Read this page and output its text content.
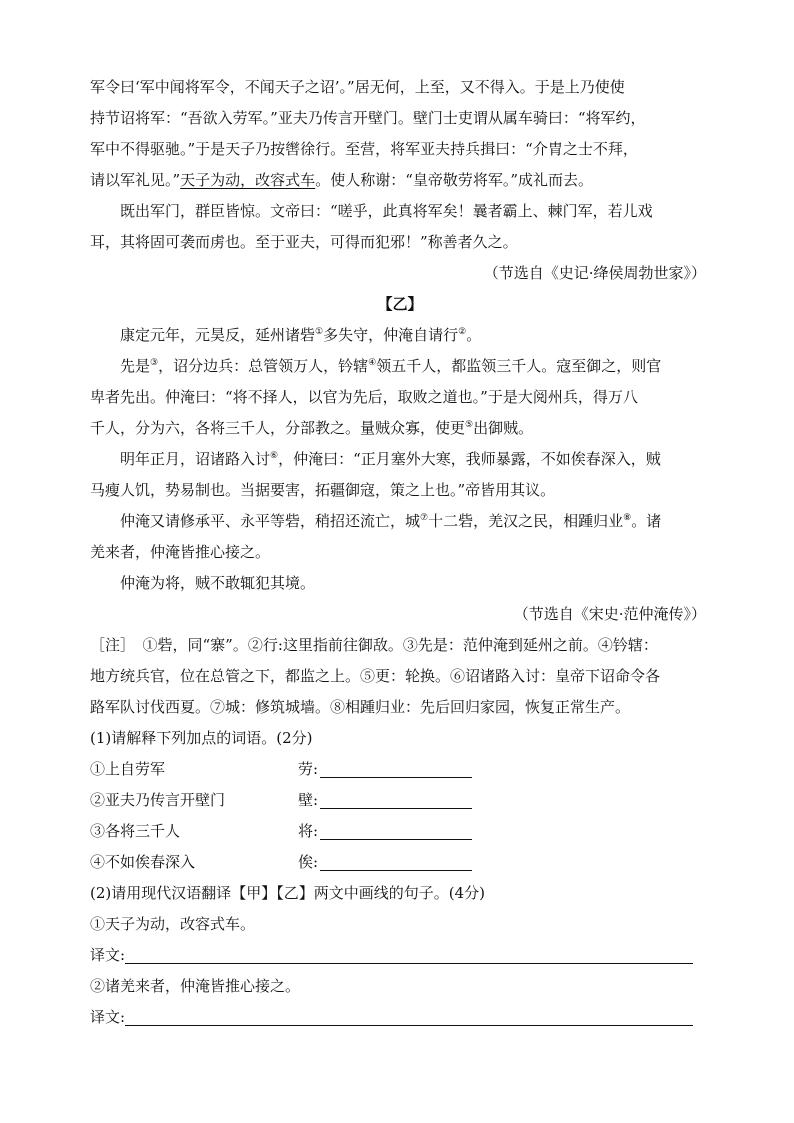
军令曰‘军中闻将军令，不闻天子之诏’。”居无何，上至，又不得入。于是上乃使使
持节诏将军：“吾欲入劳军。”亚夫乃传言开壁门。壁门士吏谓从属车骑曰：“将军约，
军中不得驱驰。”于是天子乃按辔徐行。至营，将军亚夫持兵揖曰：“介胄之士不拜，
请以军礼见。”天子为动，改容式车。使人称谢：“皇帝敬劳将军。”成礼而去。
既出军门，群臣皆惊。文帝曰：“嗟乎，此真将军矣！曩者霸上、棘门军，若儿戏
耳，其将固可袭而虏也。至于亚夫，可得而犯邪！”称善者久之。
（节选自《史记·绛侯周勃世家》）
【乙】
康定元年，元昊反，延州诸砦①多失守，仲淹自请行②。
先是③，诏分边兵：总管领万人，钤辖④领五千人，都监领三千人。寇至御之，则官
卑者先出。仲淹曰：“将不择人，以官为先后，取败之道也。”于是大阅州兵，得万八
千人，分为六，各将三千人，分部教之。量贼众寡，使更⑤出御贼。
明年正月，诏诸路入讨⑥，仲淹曰：“正月塞外大寒，我师暴露，不如俟春深入，贼
马瘦人饥，势易制也。当据要害，拓疆御寇，策之上也。”帝皆用其议。
仲淹又请修承平、永平等砦，稍招还流亡，城⑦十二砦，羌汉之民，相踵归业⑧。诸
羌来者，仲淹皆推心接之。
仲淹为将，贼不敢辄犯其境。
（节选自《宋史·范仲淹传》）
［注］　①砦，同“寨”。②行:这里指前往御敌。③先是：范仲淹到延州之前。④钤辖：
地方统兵官，位在总管之下，都监之上。⑤更：轮换。⑥诏诸路入讨：皇帝下诏命令各
路军队讨伐西夏。⑦城：修筑城墙。⑧相踵归业：先后回归家园，恢复正常生产。
(1)请解释下列加点的词语。(2分)
①上自劳军	劳:
②亚夫乃传言开壁门	壁:
③各将三千人	将:
④不如俟春深入	俟:
(2)请用现代汉语翻译【甲】【乙】两文中画线的句子。(4分)
①天子为动，改容式车。
译文:
②诸羌来者，仲淹皆推心接之。
译文:
